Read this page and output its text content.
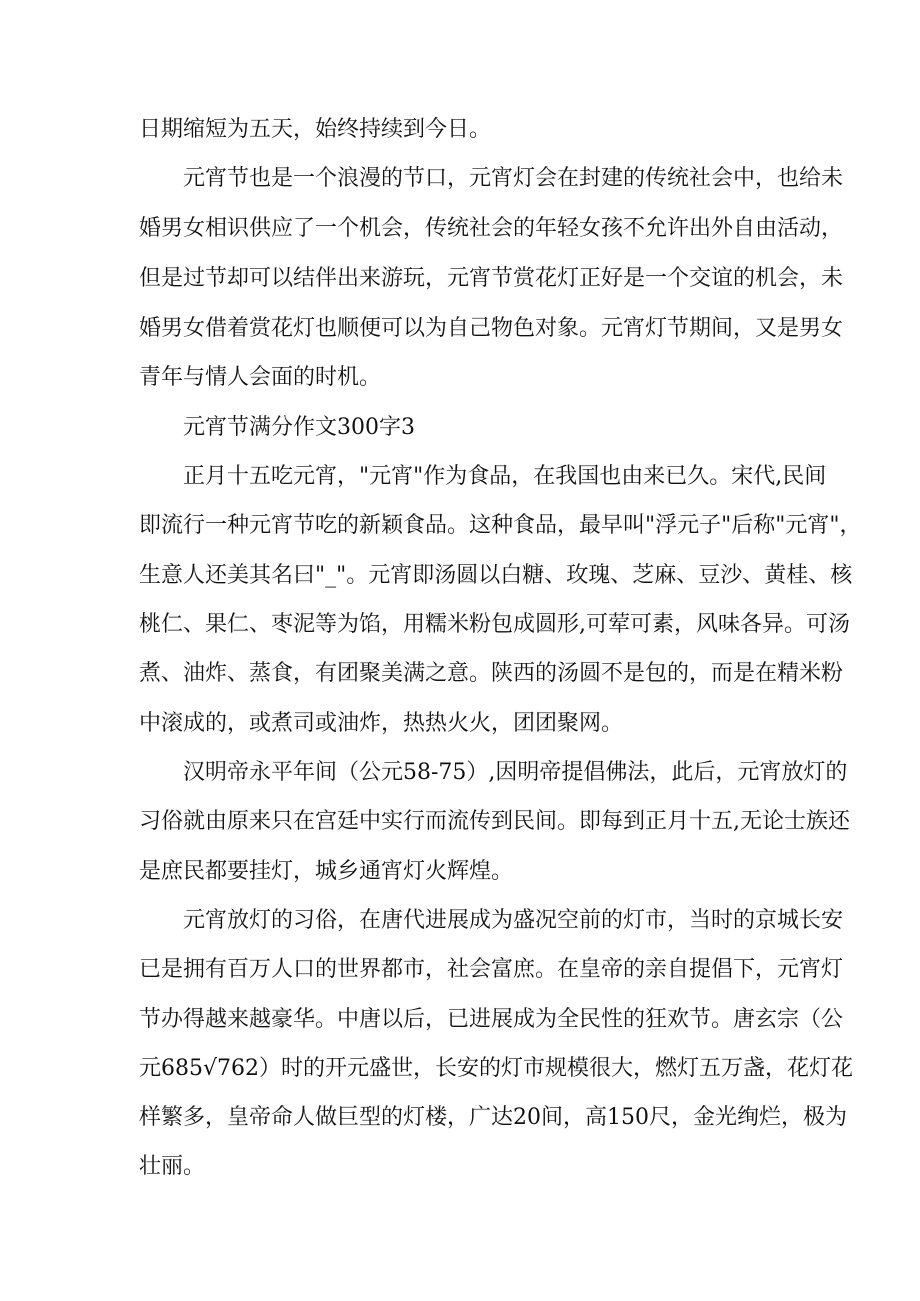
日期缩短为五天，始终持续到今日。
元宵节也是一个浪漫的节口，元宵灯会在封建的传统社会中，也给未
婚男女相识供应了一个机会，传统社会的年轻女孩不允许出外自由活动，
但是过节却可以结伴出来游玩，元宵节赏花灯正好是一个交谊的机会，未
婚男女借着赏花灯也顺便可以为自己物色对象。元宵灯节期间，又是男女
青年与情人会面的时机。
元宵节满分作文300字3
正月十五吃元宵，"元宵"作为食品，在我国也由来已久。宋代,民间
即流行一种元宵节吃的新颖食品。这种食品，最早叫"浮元子"后称"元宵"，
生意人还美其名曰"_"。元宵即汤圆以白糖、玫瑰、芝麻、豆沙、黄桂、核
桃仁、果仁、枣泥等为馅，用糯米粉包成圆形,可荤可素，风味各异。可汤
煮、油炸、蒸食，有团聚美满之意。陕西的汤圆不是包的，而是在精米粉
中滚成的，或煮司或油炸，热热火火，团团聚网。
汉明帝永平年间（公元58-75）,因明帝提倡佛法，此后，元宵放灯的
习俗就由原来只在宫廷中实行而流传到民间。即每到正月十五,无论士族还
是庶民都要挂灯，城乡通宵灯火辉煌。
元宵放灯的习俗，在唐代进展成为盛况空前的灯市，当时的京城长安
已是拥有百万人口的世界都市，社会富庶。在皇帝的亲自提倡下，元宵灯
节办得越来越豪华。中唐以后，已进展成为全民性的狂欢节。唐玄宗（公
元685√762）时的开元盛世，长安的灯市规模很大，燃灯五万盏，花灯花
样繁多，皇帝命人做巨型的灯楼，广达20间，高150尺，金光绚烂，极为
壮丽。
